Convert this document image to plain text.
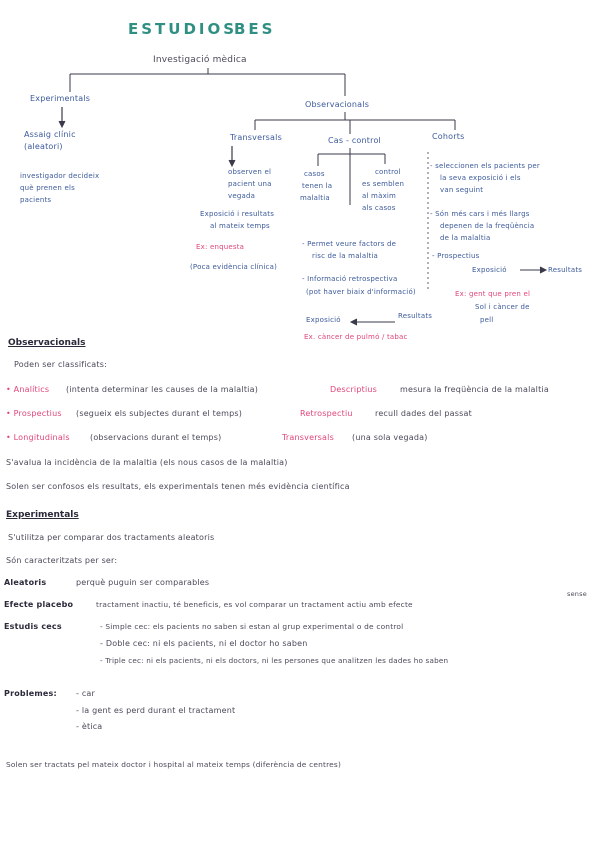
ESTUDIOS
BES
Investigació mèdica
Experimentals
Observacionals
Assaig clínic
(aleatori)
investigador decideix
què prenen els
pacients
Transversals	Cas - control	Cohorts
observen el
pacient una
vegada
Exposició i resultats
al mateix temps
Ex: enquesta
(Poca evidència clínica)
casos
tenen la
malaltia
control
es semblen
al màxim
als casos
- Permet veure factors de
risc de la malaltia
- Informació retrospectiva
(pot haver biaix d'informació)
Exposició	Resultats
Ex. càncer de pulmó / tabac
- seleccionen els pacients per
la seva exposició i els
van seguint
- Són més cars i més llargs
depenen de la freqüència
de la malaltia
- Prospectius
Exposició	Resultats
Ex: gent que pren el
Sol i càncer de
pell
Observacionals
Poden ser classificats:
• Analítics (intenta determinar les causes de la malaltia)	Descriptius	mesura la freqüència de la malaltia
• Prospectius (segueix els subjectes durant el temps)	Retrospectiu	recull dades del passat
• Longitudinals	(observacions durant el temps)	Transversals (una sola vegada)
S'avalua la incidència de la malaltia (els nous casos de la malaltia)
Solen ser confosos els resultats, els experimentals tenen més evidència científica
Experimentals
S'utilitza per comparar dos tractaments aleatoris
Són caracteritzats per ser:
Aleatoris	perquè puguin ser comparables
Efecte placebo	tractament inactiu, té beneficis, es vol comparar un tractament actiu amb efecte
sense
Estudis cecs	- Simple cec: els pacients no saben si estan al grup experimental o de control
- Doble cec: ni els pacients, ni el doctor ho saben
- Triple cec: ni els pacients, ni els doctors, ni les persones que analitzen les dades ho saben
Problemes: - car
- la gent es perd durant el tractament
- ètica
Solen ser tractats pel mateix doctor i hospital al mateix temps (diferència de centres)
